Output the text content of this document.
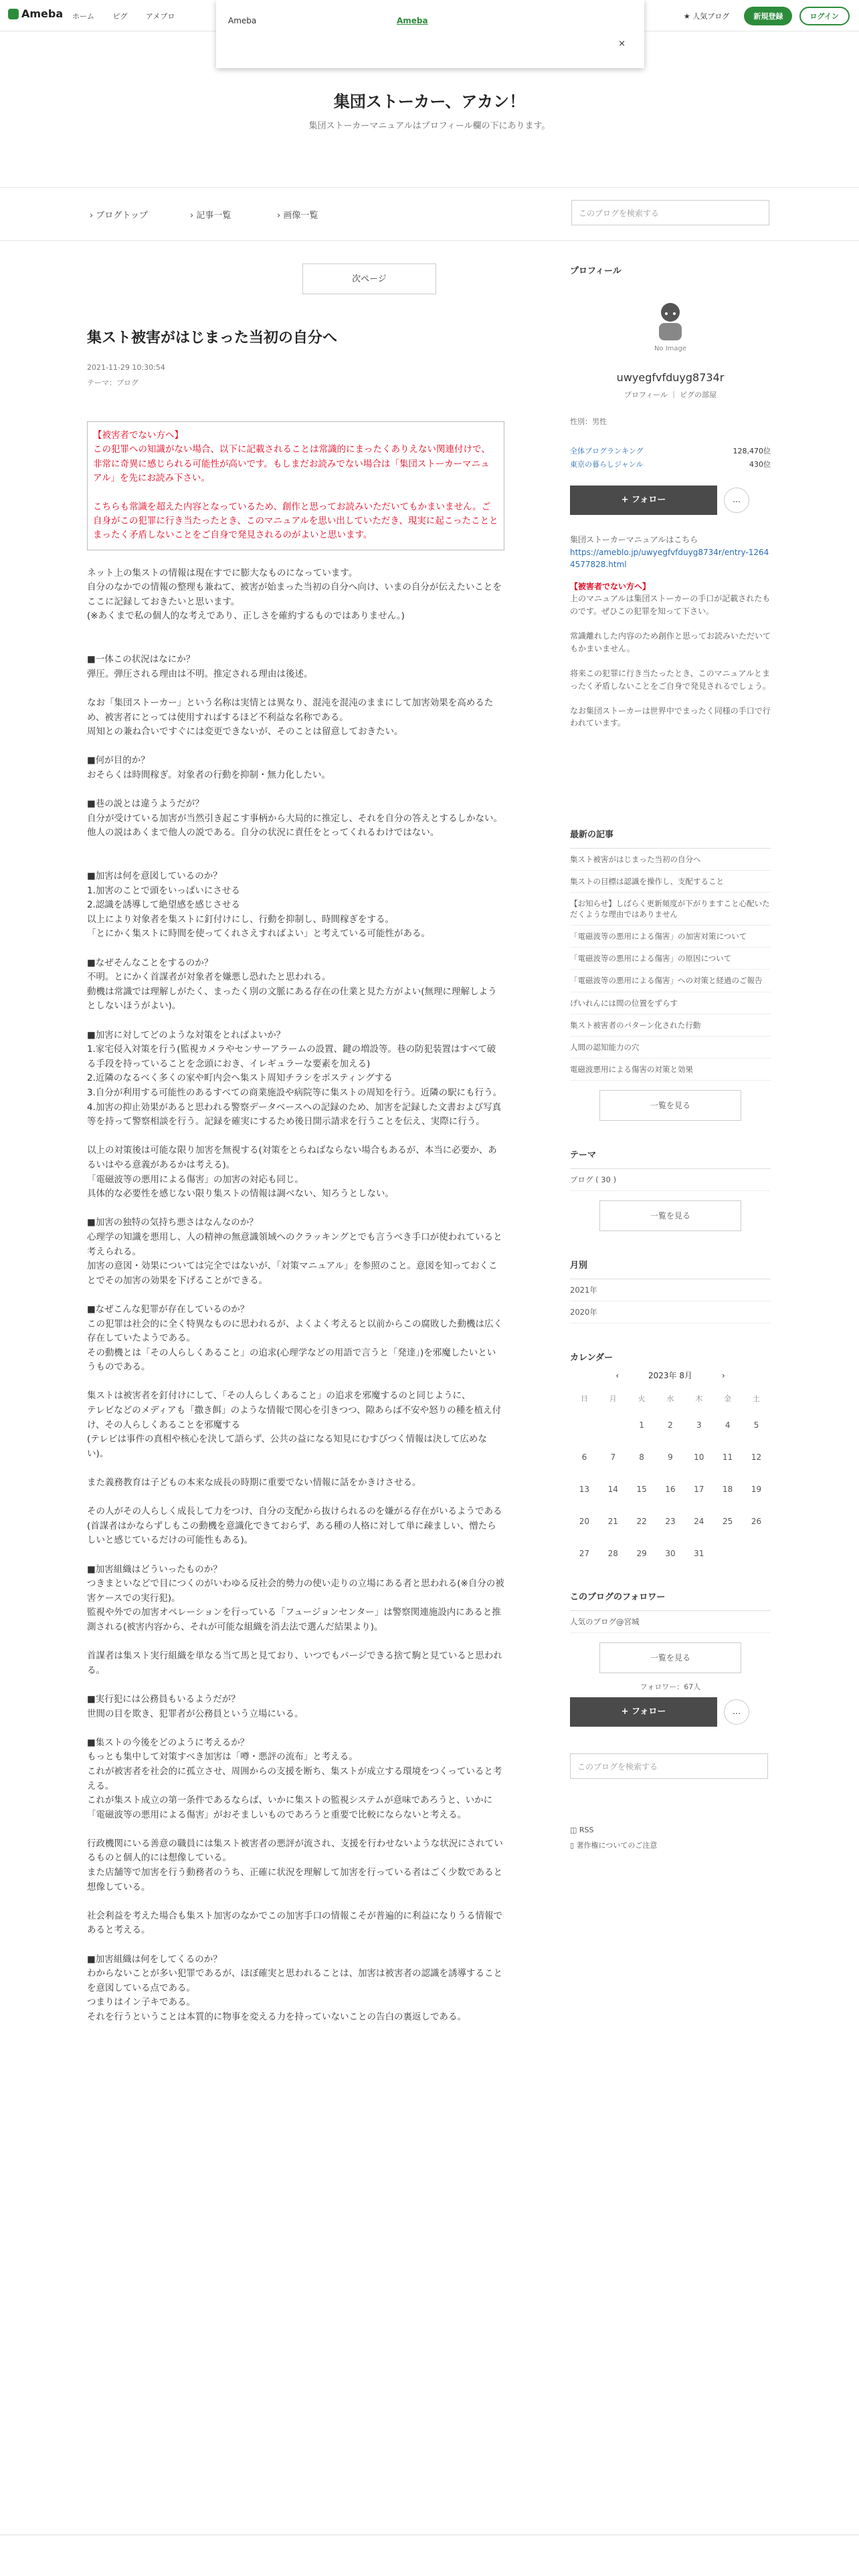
Ameba ホーム	ピグ	アメブロ	★ 人気ブログ	新規登録	ログイン
Ameba	Ameba
×
集団ストーカー、アカン！

集団ストーカーマニュアルはプロフィール欄の下にあります。

› ブログトップ	› 記事一覧	› 画像一覧	このブログを検索する
次ページ
集スト被害がはじまった当初の自分へ
2021-11-29 10:30:54
テーマ：ブログ
【被害者でない方へ】
この犯罪への知識がない場合、以下に記載されることは常識的にまったくありえない関連付けで、非常に奇異に感じられる可能性が高いです。もしまだお読みでない場合は「集団ストーカーマニュアル」を先にお読み下さい。

こちらも常識を超えた内容となっているため、創作と思ってお読みいただいてもかまいません。ご自身がこの犯罪に行き当たったとき、このマニュアルを思い出していただき、現実に起こったこととまったく矛盾しないことをご自身で発見されるのがよいと思います。
ネット上の集ストの情報は現在すでに膨大なものになっています。
自分のなかでの情報の整理も兼ねて、被害が始まった当初の自分へ向け、いまの自分が伝えたいことをここに記録しておきたいと思います。
(※あくまで私の個人的な考えであり、正しさを確約するものではありません。)

■一体この状況はなにか？
弾圧。弾圧される理由は不明。推定される理由は後述。

なお「集団ストーカー」という名称は実情とは異なり、混沌を混沌のままにして加害効果を高めるため、被害者にとっては使用すればするほど不利益な名称である。
周知との兼ね合いですぐには変更できないが、そのことは留意しておきたい。

■何が目的か？
おそらくは時間稼ぎ。対象者の行動を抑制・無力化したい。

■巷の説とは違うようだが？
自分が受けている加害が当然引き起こす事柄から大局的に推定し、それを自分の答えとするしかない。
他人の説はあくまで他人の説である。自分の状況に責任をとってくれるわけではない。

■加害は何を意図しているのか？
1.加害のことで頭をいっぱいにさせる
2.認識を誘導して絶望感を感じさせる
以上により対象者を集ストに釘付けにし、行動を抑制し、時間稼ぎをする。
「とにかく集ストに時間を使ってくれさえすればよい」と考えている可能性がある。

■なぜそんなことをするのか？
不明。とにかく首謀者が対象者を嫌悪し恐れたと思われる。
動機は常識では理解しがたく、まったく別の文脈にある存在の仕業と見た方がよい(無理に理解しようとしないほうがよい)。

■加害に対してどのような対策をとればよいか？
1.家宅侵入対策を行う(監視カメラやセンサーアラームの設置、鍵の増設等。巷の防犯装置はすべて破る手段を持っていることを念頭におき、イレギュラーな要素を加える)
2.近隣のなるべく多くの家や町内会へ集スト周知チラシをポスティングする
3.自分が利用する可能性のあるすべての商業施設や病院等に集ストの周知を行う。近隣の駅にも行う。
4.加害の抑止効果があると思われる警察データベースへの記録のため、加害を記録した文書および写真等を持って警察相談を行う。記録を確実にするため後日開示請求を行うことを伝え、実際に行う。

以上の対策後は可能な限り加害を無視する(対策をとらねばならない場合もあるが、本当に必要か、あるいはやる意義があるかは考える)。
「電磁波等の悪用による傷害」の加害の対応も同じ。
具体的な必要性を感じない限り集ストの情報は調べない、知ろうとしない。

■加害の独特の気持ち悪さはなんなのか？
心理学の知識を悪用し、人の精神の無意識領域へのクラッキングとでも言うべき手口が使われていると考えられる。
加害の意図・効果については完全ではないが、「対策マニュアル」を参照のこと。意図を知っておくことでその加害の効果を下げることができる。

■なぜこんな犯罪が存在しているのか？
この犯罪は社会的に全く特異なものに思われるが、よくよく考えると以前からこの腐敗した動機は広く存在していたようである。
その動機とは「その人らしくあること」の追求(心理学などの用語で言うと「発達」)を邪魔したいというものである。

集ストは被害者を釘付けにして、「その人らしくあること」の追求を邪魔するのと同じように、
テレビなどのメディアも「撒き餌」のような情報で関心を引きつつ、隙あらば不安や怒りの種を植え付け、その人らしくあることを邪魔する
(テレビは事件の真相や核心を決して語らず、公共の益になる知見にむすびつく情報は決して広めない)。

また義務教育は子どもの本来な成長の時期に重要でない情報に話をかきけさせる。

その人がその人らしく成長して力をつけ、自分の支配から抜けられるのを嫌がる存在がいるようである
(首謀者はかならずしもこの動機を意識化できておらず、ある種の人格に対して単に疎ましい、憎たらしいと感じているだけの可能性もある)。

■加害組織はどういったものか？
つきまといなどで目につくのがいわゆる反社会的勢力の使い走りの立場にある者と思われる(※自分の被害ケースでの実行犯)。
監視や外での加害オペレーションを行っている「フュージョンセンター」は警察関連施設内にあると推測される(被害内容から、それが可能な組織を消去法で選んだ結果より)。

首謀者は集スト実行組織を単なる当て馬と見ており、いつでもパージできる捨て駒と見ていると思われる。

■実行犯には公務員もいるようだが？
世間の目を欺き、犯罪者が公務員という立場にいる。

■集ストの今後をどのように考えるか？
もっとも集中して対策すべき加害は「噂・悪評の流布」と考える。
これが被害者を社会的に孤立させ、周囲からの支援を断ち、集ストが成立する環境をつくっていると考える。
これが集スト成立の第一条件であるならば、いかに集ストの監視システムが意味であろうと、いかに「電磁波等の悪用による傷害」がおそましいものであろうと重要で比較にならないと考える。

行政機関にいる善意の職員には集スト被害者の悪評が流され、支援を行わせないような状況にされているものと個人的には想像している。
また店舗等で加害を行う動務者のうち、正確に状況を理解して加害を行っている者はごく少数であると想像している。

社会利益を考えた場合も集スト加害のなかでこの加害手口の情報こそが普遍的に利益になりうる情報であると考える。

■加害組織は何をしてくるのか？
わからないことが多い犯罪であるが、ほぼ確実と思われることは、加害は被害者の認識を誘導することを意図している点である。
つまりはイン子キである。
それを行うということは本質的に物事を変える力を持っていないことの告白の裏返しである。

プロフィール

No Image
uwyegfvfduyg8734r
プロフィール ｜ ピグの部屋
性別：男性
全体ブログランキング	128,470位
東京の暮らしジャンル	430位
+ フォロー	…
集団ストーカーマニュアルはこちら
https://ameblo.jp/uwyegfvfduyg8734r/entry-12644577828.html
【被害者でない方へ】
上のマニュアルは集団ストーカーの手口が記載されたものです。ぜひこの犯罪を知って下さい。

常識離れした内容のため創作と思ってお読みいただいてもかまいません。

将来この犯罪に行き当たったとき、このマニュアルとまったく矛盾しないことをご自身で発見されるでしょう。

なお集団ストーカーは世界中でまったく同様の手口で行われています。

最新の記事

集スト被害がはじまった当初の自分へ
集ストの目標は認識を操作し、支配すること
【お知らせ】しばらく更新頻度が下がりますこと心配いただくような理由ではありません
「電磁波等の悪用による傷害」の加害対策について
「電磁波等の悪用による傷害」の原因について
「電磁波等の悪用による傷害」への対策と経過のご報告
げいれんには間の位置をずらす
集スト被害者のパターン化された行動
人間の認知能力の穴
電磁波悪用による傷害の対策と効果
一覧を見る

テーマ

ブログ ( 30 )
一覧を見る

月別

2021年
2020年

カレンダー

‹	2023年 8月	›
日	月	火	水	木	金	土
		1	2	3	4	5
6	7	8	9	10	11	12
13	14	15	16	17	18	19
20	21	22	23	24	25	26
27	28	29	30	31		

このブログのフォロワー

人気のブログ@宮城
一覧を見る
フォロワー：67人
+ フォロー	…
このブログを検索する
◫ RSS
▯ 著作権についてのご注意
